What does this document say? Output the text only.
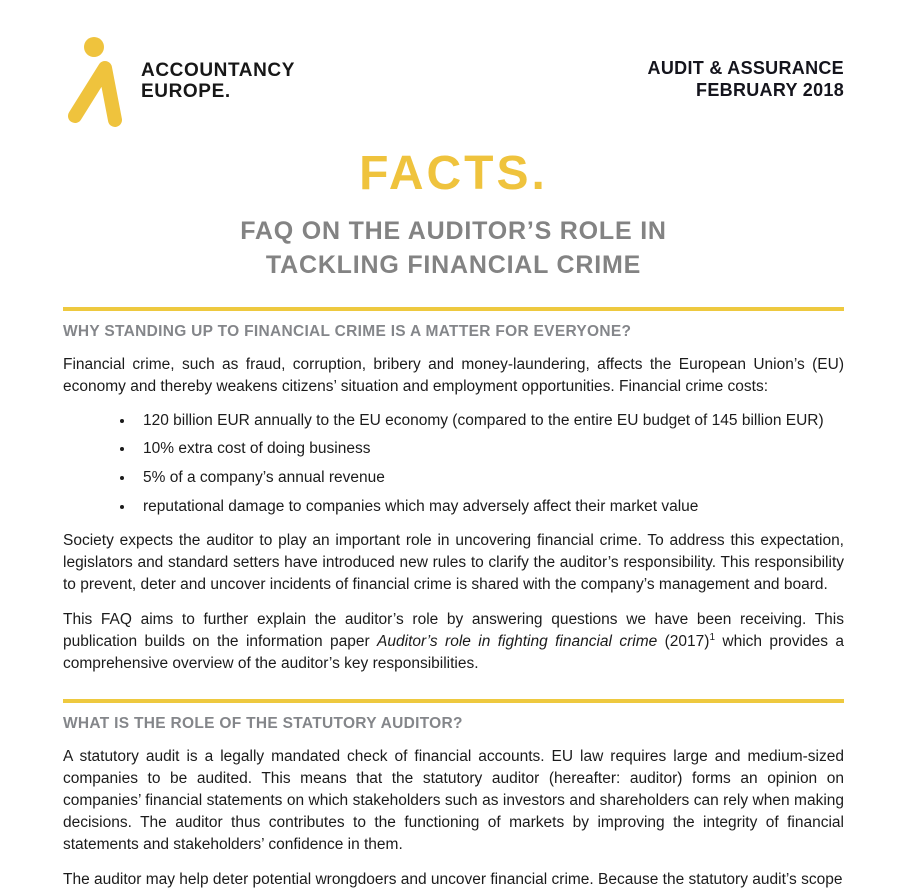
ACCOUNTANCY
EUROPE.
AUDIT & ASSURANCE
FEBRUARY 2018
FACTS.
FAQ ON THE AUDITOR’S ROLE IN
TACKLING FINANCIAL CRIME
WHY STANDING UP TO FINANCIAL CRIME IS A MATTER FOR EVERYONE?

Financial crime, such as fraud, corruption, bribery and money-laundering, affects the European Union’s (EU) economy and thereby weakens citizens’ situation and employment opportunities. Financial crime costs:

• 120 billion EUR annually to the EU economy (compared to the entire EU budget of 145 billion EUR)
• 10% extra cost of doing business
• 5% of a company’s annual revenue
• reputational damage to companies which may adversely affect their market value

Society expects the auditor to play an important role in uncovering financial crime. To address this expectation, legislators and standard setters have introduced new rules to clarify the auditor’s responsibility. This responsibility to prevent, deter and uncover incidents of financial crime is shared with the company’s management and board.

This FAQ aims to further explain the auditor’s role by answering questions we have been receiving. This publication builds on the information paper Auditor’s role in fighting financial crime (2017)$^1$ which provides a comprehensive overview of the auditor’s key responsibilities.

WHAT IS THE ROLE OF THE STATUTORY AUDITOR?

A statutory audit is a legally mandated check of financial accounts. EU law requires large and medium-sized companies to be audited. This means that the statutory auditor (hereafter: auditor) forms an opinion on companies’ financial statements on which stakeholders such as investors and shareholders can rely when making decisions. The auditor thus contributes to the functioning of markets by improving the integrity of financial statements and stakeholders’ confidence in them.

The auditor may help deter potential wrongdoers and uncover financial crime. Because the statutory audit’s scope
